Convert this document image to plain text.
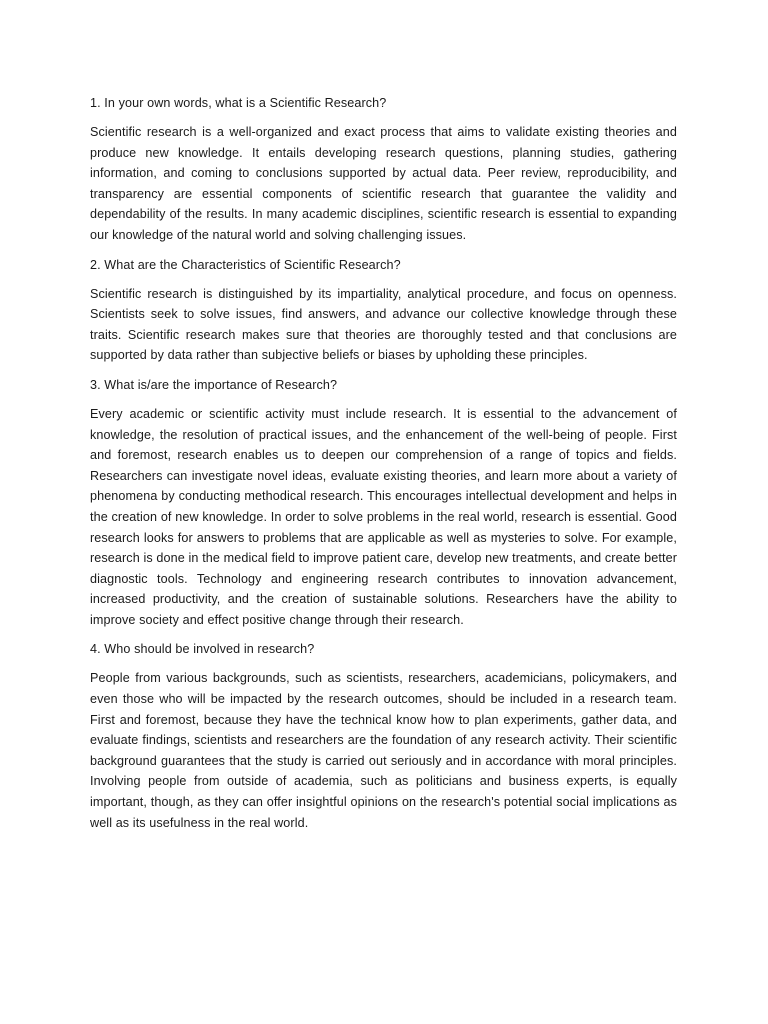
1. In your own words, what is a Scientific Research?

Scientific research is a well-organized and exact process that aims to validate existing theories and produce new knowledge. It entails developing research questions, planning studies, gathering information, and coming to conclusions supported by actual data. Peer review, reproducibility, and transparency are essential components of scientific research that guarantee the validity and dependability of the results. In many academic disciplines, scientific research is essential to expanding our knowledge of the natural world and solving challenging issues.

2. What are the Characteristics of Scientific Research?

Scientific research is distinguished by its impartiality, analytical procedure, and focus on openness. Scientists seek to solve issues, find answers, and advance our collective knowledge through these traits. Scientific research makes sure that theories are thoroughly tested and that conclusions are supported by data rather than subjective beliefs or biases by upholding these principles.

3. What is/are the importance of Research?

Every academic or scientific activity must include research. It is essential to the advancement of knowledge, the resolution of practical issues, and the enhancement of the well-being of people. First and foremost, research enables us to deepen our comprehension of a range of topics and fields. Researchers can investigate novel ideas, evaluate existing theories, and learn more about a variety of phenomena by conducting methodical research. This encourages intellectual development and helps in the creation of new knowledge. In order to solve problems in the real world, research is essential. Good research looks for answers to problems that are applicable as well as mysteries to solve. For example, research is done in the medical field to improve patient care, develop new treatments, and create better diagnostic tools. Technology and engineering research contributes to innovation advancement, increased productivity, and the creation of sustainable solutions. Researchers have the ability to improve society and effect positive change through their research.

4. Who should be involved in research?

People from various backgrounds, such as scientists, researchers, academicians, policymakers, and even those who will be impacted by the research outcomes, should be included in a research team. First and foremost, because they have the technical know how to plan experiments, gather data, and evaluate findings, scientists and researchers are the foundation of any research activity. Their scientific background guarantees that the study is carried out seriously and in accordance with moral principles. Involving people from outside of academia, such as politicians and business experts, is equally important, though, as they can offer insightful opinions on the research's potential social implications as well as its usefulness in the real world.
